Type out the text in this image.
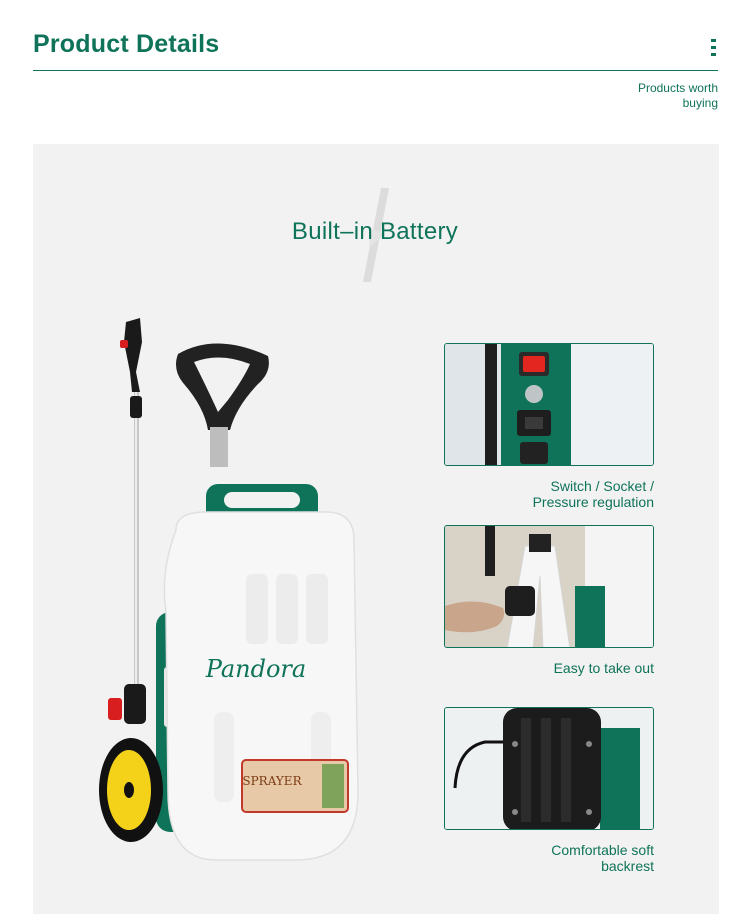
Product Details
Products worth
buying
Built–in Battery
Pandora
SPRAYER
Switch / Socket /
Pressure regulation
Easy to take out
Comfortable soft
backrest
